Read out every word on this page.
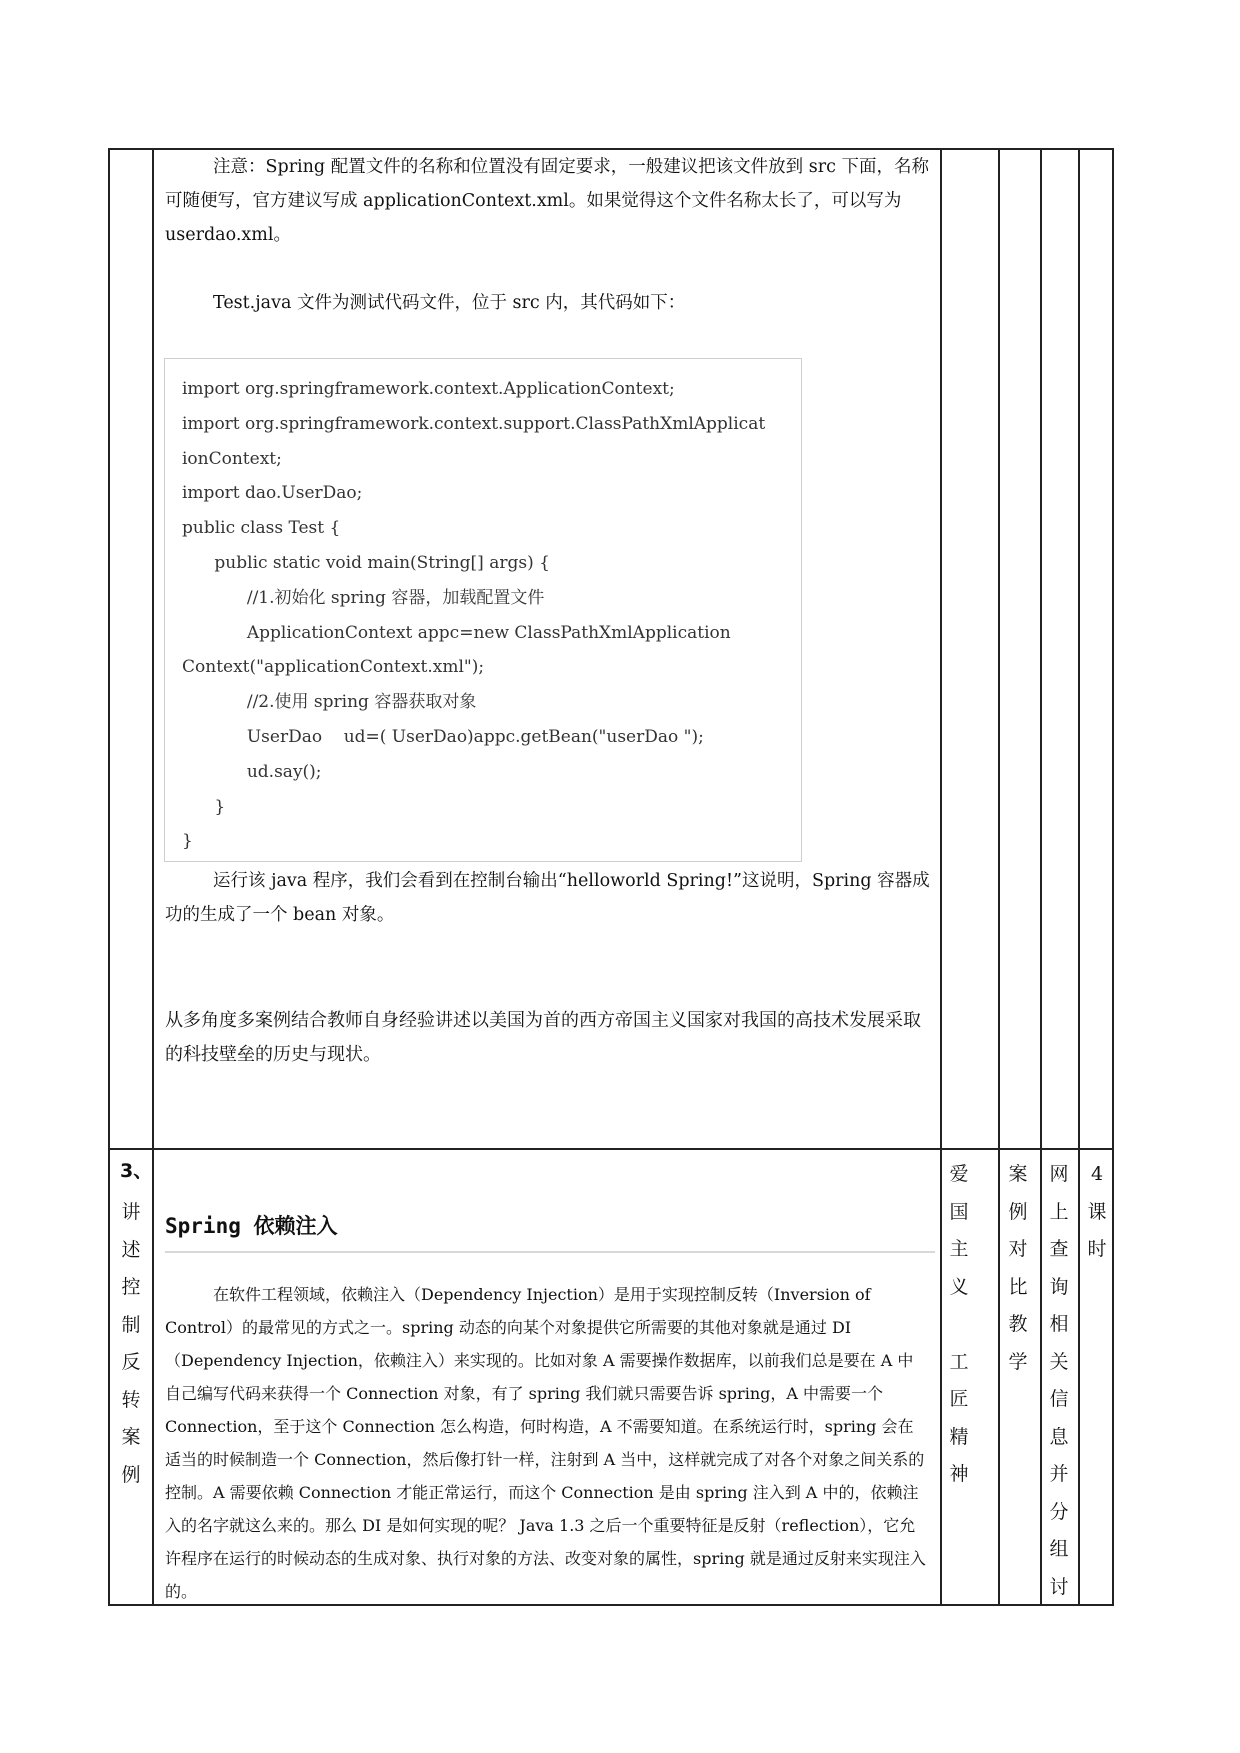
注意：Spring 配置文件的名称和位置没有固定要求，一般建议把该文件放到 src 下面，名称可随便写，官方建议写成 applicationContext.xml。如果觉得这个文件名称太长了，可以写为 userdao.xml。
Test.java 文件为测试代码文件，位于 src 内，其代码如下：
import org.springframework.context.ApplicationContext;
import org.springframework.context.support.ClassPathXmlApplicat
ionContext;
import dao.UserDao;
public class Test {
public static void main(String[] args) {
//1.初始化 spring 容器，加载配置文件
ApplicationContext appc=new ClassPathXmlApplication
Context("applicationContext.xml");
//2.使用 spring 容器获取对象
UserDao    ud=( UserDao)appc.getBean("userDao ");
ud.say();
}
}
运行该 java 程序，我们会看到在控制台输出“helloworld Spring!”这说明，Spring 容器成功的生成了一个 bean 对象。
从多角度多案例结合教师自身经验讲述以美国为首的西方帝国主义国家对我国的高技术发展采取的科技壁垒的历史与现状。
3、
讲
述
控
制
反
转
案
例
Spring 依赖注入
在软件工程领域，依赖注入（Dependency Injection）是用于实现控制反转（Inversion of Control）的最常见的方式之一。spring 动态的向某个对象提供它所需要的其他对象就是通过 DI（Dependency Injection，依赖注入）来实现的。比如对象 A 需要操作数据库，以前我们总是要在 A 中自己编写代码来获得一个 Connection 对象，有了 spring 我们就只需要告诉 spring，A 中需要一个 Connection，至于这个 Connection 怎么构造，何时构造，A 不需要知道。在系统运行时，spring 会在适当的时候制造一个 Connection，然后像打针一样，注射到 A 当中，这样就完成了对各个对象之间关系的控制。A 需要依赖 Connection 才能正常运行，而这个 Connection 是由 spring 注入到 A 中的，依赖注入的名字就这么来的。那么 DI 是如何实现的呢？ Java 1.3 之后一个重要特征是反射（reflection），它允许程序在运行的时候动态的生成对象、执行对象的方法、改变对象的属性，spring 就是通过反射来实现注入的。
爱
国
主
义

工
匠
精
神
案
例
对
比
教
学
网
上
查
询
相
关
信
息
并
分
组
讨
4
课
时
